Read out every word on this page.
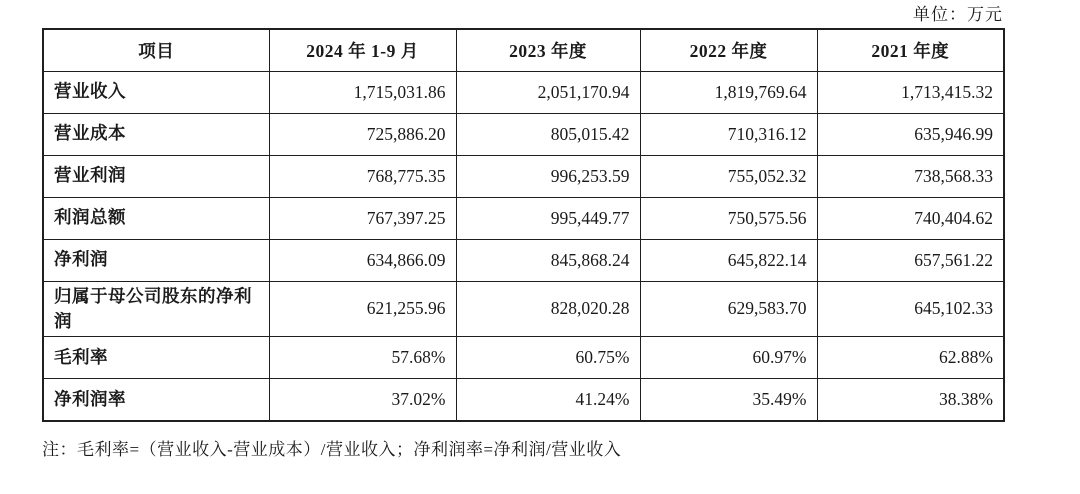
单位：万元
项目	2024 年 1-9 月	2023 年度	2022 年度	2021 年度
营业收入	1,715,031.86	2,051,170.94	1,819,769.64	1,713,415.32
营业成本	725,886.20	805,015.42	710,316.12	635,946.99
营业利润	768,775.35	996,253.59	755,052.32	738,568.33
利润总额	767,397.25	995,449.77	750,575.56	740,404.62
净利润	634,866.09	845,868.24	645,822.14	657,561.22
归属于母公司股东的净利润	621,255.96	828,020.28	629,583.70	645,102.33
毛利率	57.68%	60.75%	60.97%	62.88%
净利润率	37.02%	41.24%	35.49%	38.38%
注：毛利率=（营业收入-营业成本）/营业收入；净利润率=净利润/营业收入
